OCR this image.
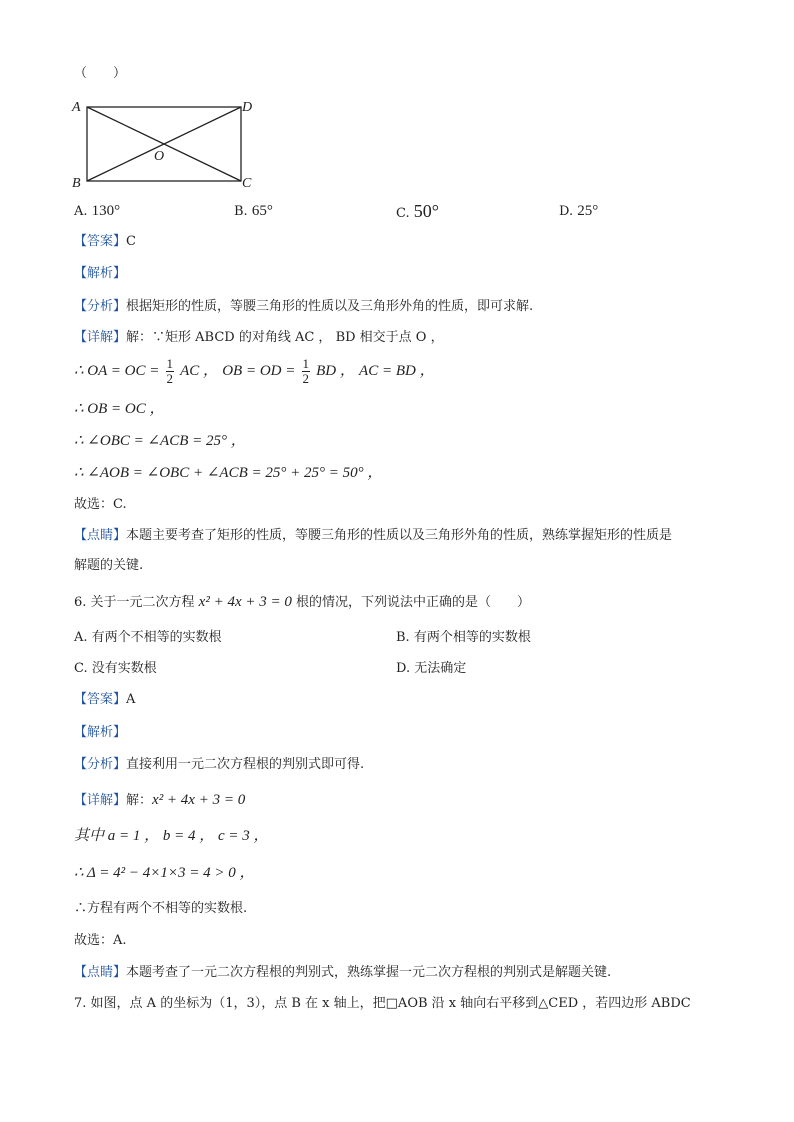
（　　）
A	D
B	C
O
A. 130°	B. 65°	C. 50°	D. 25°
【答案】C
【解析】
【分析】根据矩形的性质，等腰三角形的性质以及三角形外角的性质，即可求解.
【详解】解：∵矩形 ABCD 的对角线 AC ， BD 相交于点 O ，
∴ OA = OC = $\frac{1}{2}$ AC ， OB = OD = $\frac{1}{2}$ BD ， AC = BD ，
∴ OB = OC ，
∴ ∠OBC = ∠ACB = 25° ，
∴ ∠AOB = ∠OBC + ∠ACB = 25° + 25° = 50° ，
故选：C.
【点睛】本题主要考查了矩形的性质，等腰三角形的性质以及三角形外角的性质，熟练掌握矩形的性质是
解题的关键.
6. 关于一元二次方程 x² + 4x + 3 = 0 根的情况，下列说法中正确的是（　　）
A. 有两个不相等的实数根	B. 有两个相等的实数根
C. 没有实数根	D. 无法确定
【答案】A
【解析】
【分析】直接利用一元二次方程根的判别式即可得.
【详解】解：x² + 4x + 3 = 0
其中 a = 1 ， b = 4 ， c = 3 ，
∴ Δ = 4² − 4×1×3 = 4 > 0 ，
∴方程有两个不相等的实数根.
故选：A.
【点睛】本题考查了一元二次方程根的判别式，熟练掌握一元二次方程根的判别式是解题关键.
7. 如图，点 A 的坐标为（1，3），点 B 在 x 轴上，把□AOB 沿 x 轴向右平移到△CED ，若四边形 ABDC
